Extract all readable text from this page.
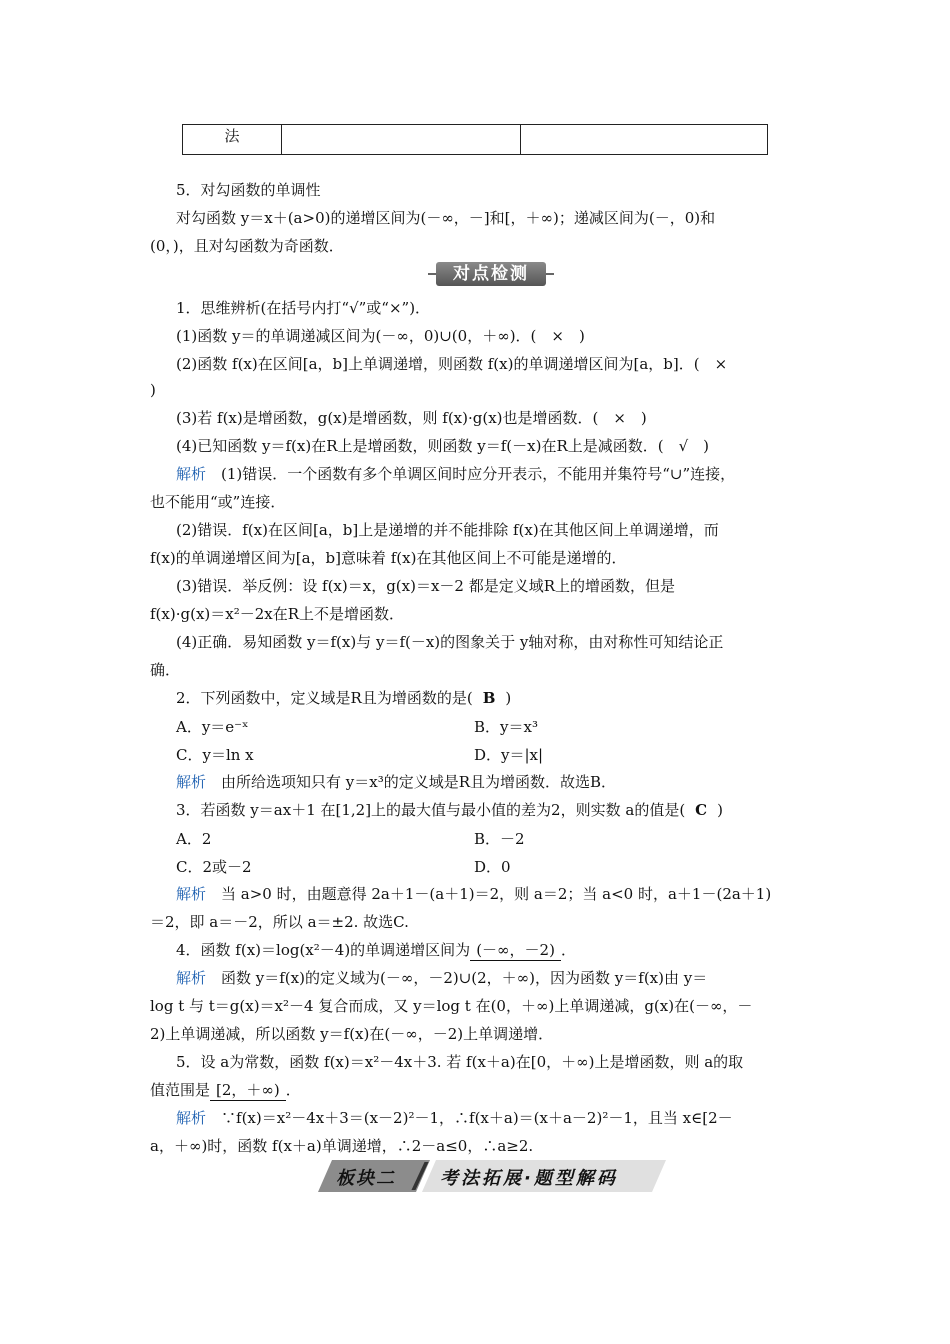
法		
5．对勾函数的单调性
对勾函数 y＝x＋(a>0)的递增区间为(－∞，－]和[，＋∞)；递减区间为(－，0)和
(0，)，且对勾函数为奇函数．
对点检测
1．思维辨析(在括号内打“√”或“×”)．
(1)函数 y＝的单调递减区间为(－∞，0)∪(0，＋∞)．(　×　)
(2)函数 f(x)在区间[a，b]上单调递增，则函数 f(x)的单调递增区间为[a，b]．(　×
)
(3)若 f(x)是增函数，g(x)是增函数，则 f(x)·g(x)也是增函数．(　×　)
(4)已知函数 y＝f(x)在R上是增函数，则函数 y＝f(－x)在R上是减函数．(　√　)
解析　(1)错误．一个函数有多个单调区间时应分开表示，不能用并集符号“∪”连接，
也不能用“或”连接．
(2)错误．f(x)在区间[a，b]上是递增的并不能排除 f(x)在其他区间上单调递增，而
f(x)的单调递增区间为[a，b]意味着 f(x)在其他区间上不可能是递增的．
(3)错误．举反例：设 f(x)＝x，g(x)＝x－2 都是定义域R上的增函数，但是
f(x)·g(x)＝x²－2x在R上不是增函数．
(4)正确．易知函数 y＝f(x)与 y＝f(－x)的图象关于 y轴对称，由对称性可知结论正
确．
2．下列函数中，定义域是R且为增函数的是( B )
A．y＝e⁻ˣ	B．y＝x³
C．y＝ln x	D．y＝|x|
解析　由所给选项知只有 y＝x³的定义域是R且为增函数．故选B．
3．若函数 y＝ax＋1 在[1,2]上的最大值与最小值的差为2，则实数 a的值是( C )
A．2	B．－2
C．2或－2	D．0
解析　当 a>0 时，由题意得 2a＋1－(a＋1)＝2，则 a＝2；当 a<0 时，a＋1－(2a＋1)
＝2，即 a＝－2，所以 a＝±2. 故选C.
4．函数 f(x)＝log(x²－4)的单调递增区间为 (－∞，－2) ．
解析　函数 y＝f(x)的定义域为(－∞，－2)∪(2，＋∞)，因为函数 y＝f(x)由 y＝
log t 与 t＝g(x)＝x²－4 复合而成，又 y＝log t 在(0，＋∞)上单调递减，g(x)在(－∞，－
2)上单调递减，所以函数 y＝f(x)在(－∞，－2)上单调递增．
5．设 a为常数，函数 f(x)＝x²－4x＋3. 若 f(x＋a)在[0，＋∞)上是增函数，则 a的取
值范围是 [2，＋∞) ．
解析　∵f(x)＝x²－4x＋3＝(x－2)²－1，∴f(x＋a)＝(x＋a－2)²－1，且当 x∈[2－
a，＋∞)时，函数 f(x＋a)单调递增，∴2－a≤0，∴a≥2.
板块二 考法拓展·题型解码
